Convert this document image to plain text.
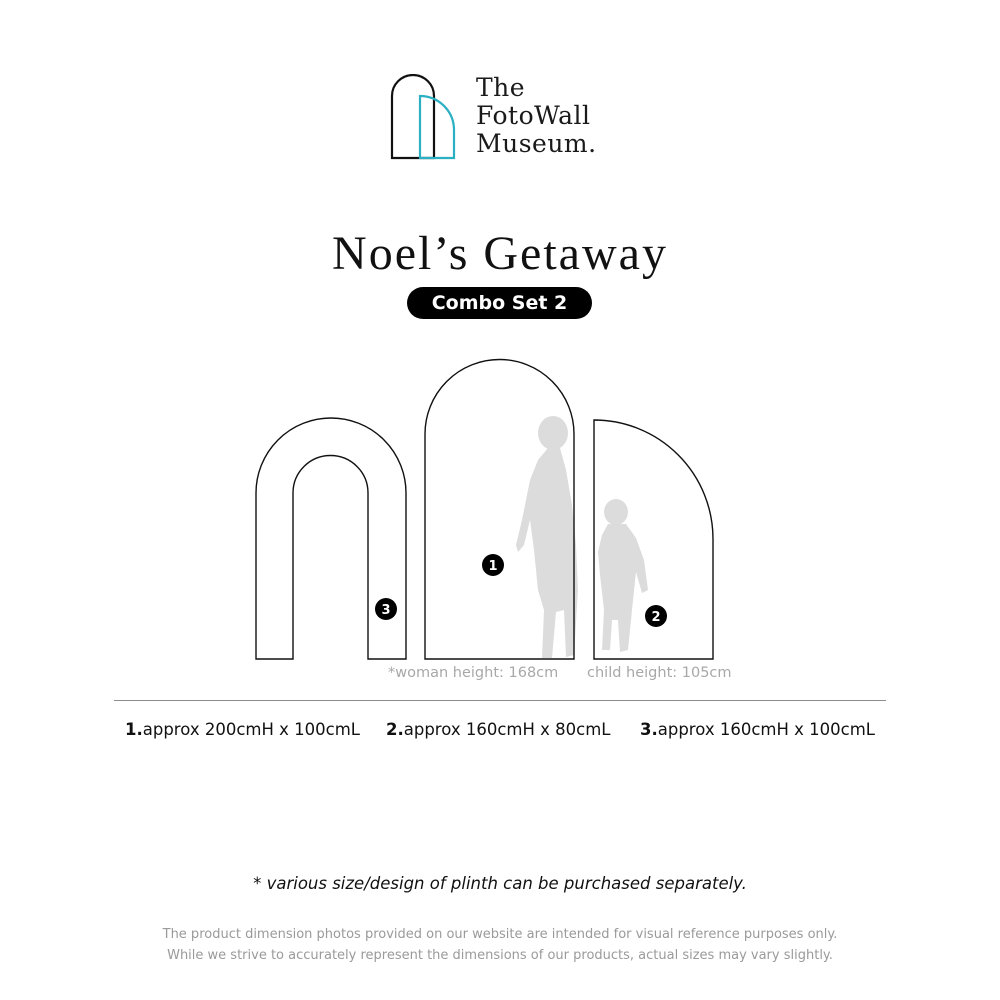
The
FotoWall
Museum.
Noel’s Getaway
Combo Set 2
1
2
3
*woman height: 168cm child height: 105cm
1.approx 200cmH x 100cmL 2.approx 160cmH x 80cmL 3.approx 160cmH x 100cmL
* various size/design of plinth can be purchased separately.
The product dimension photos provided on our website are intended for visual reference purposes only.
While we strive to accurately represent the dimensions of our products, actual sizes may vary slightly.
